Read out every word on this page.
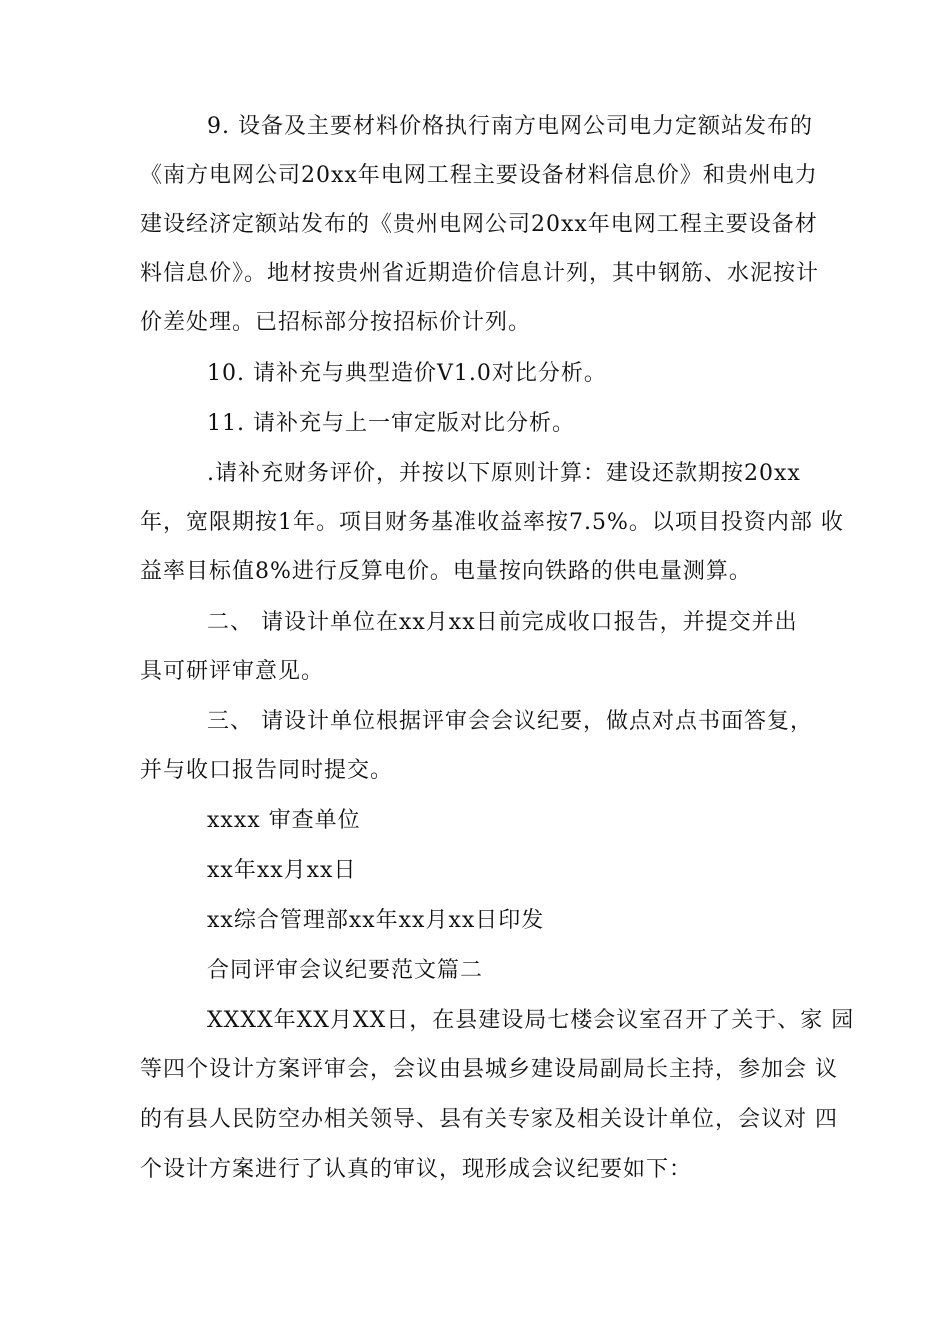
9. 设备及主要材料价格执行南方电网公司电力定额站发布的
《南方电网公司20xx年电网工程主要设备材料信息价》和贵州电力
建设经济定额站发布的《贵州电网公司20xx年电网工程主要设备材
料信息价》。地材按贵州省近期造价信息计列，其中钢筋、水泥按计
价差处理。已招标部分按招标价计列。
10. 请补充与典型造价V1.0对比分析。
11. 请补充与上一审定版对比分析。
.请补充财务评价，并按以下原则计算：建设还款期按20xx
年，宽限期按1年。项目财务基准收益率按7.5%。以项目投资内部 收
益率目标值8%进行反算电价。电量按向铁路的供电量测算。
二、 请设计单位在xx月xx日前完成收口报告，并提交并出
具可研评审意见。
三、 请设计单位根据评审会会议纪要，做点对点书面答复，
并与收口报告同时提交。
xxxx 审查单位
xx年xx月xx日
xx综合管理部xx年xx月xx日印发
合同评审会议纪要范文篇二
XXXX年XX月XX日，在县建设局七楼会议室召开了关于、家 园
等四个设计方案评审会，会议由县城乡建设局副局长主持，参加会 议
的有县人民防空办相关领导、县有关专家及相关设计单位，会议对 四
个设计方案进行了认真的审议，现形成会议纪要如下：
